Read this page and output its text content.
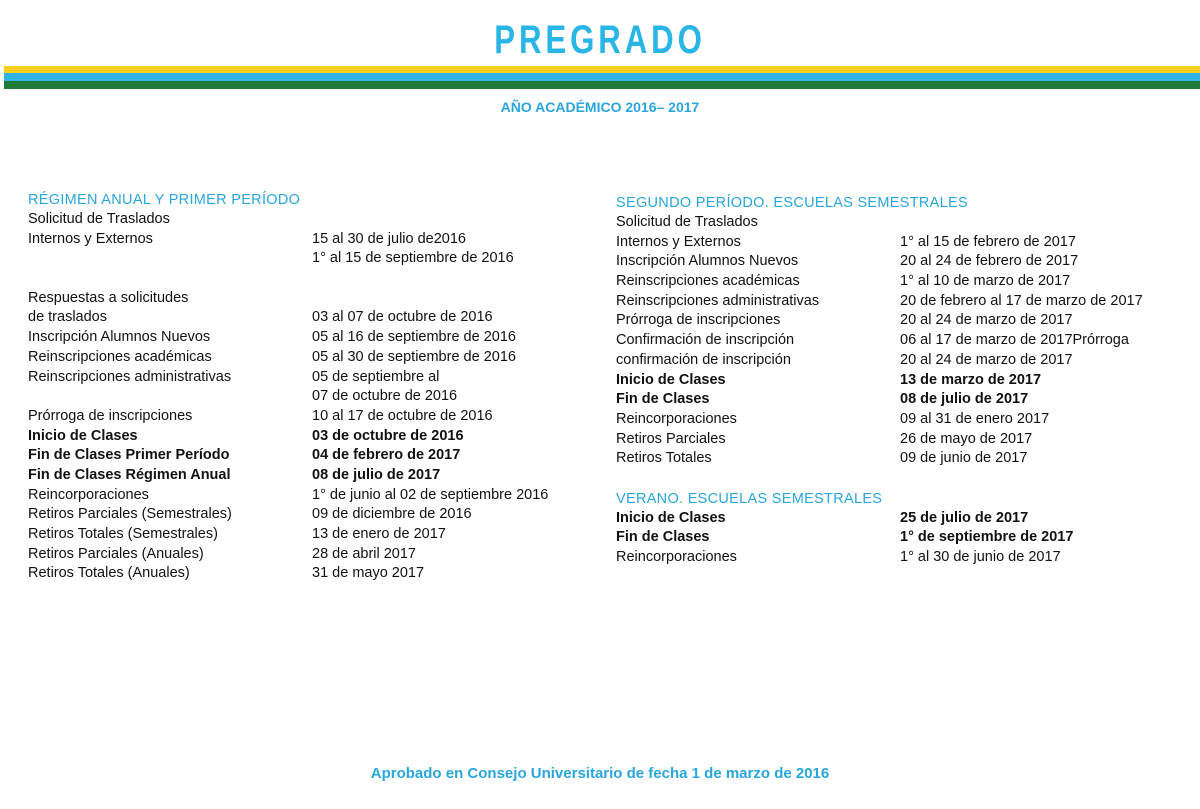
PREGRADO
AÑO ACADÉMICO 2016– 2017
RÉGIMEN ANUAL Y PRIMER PERÍODO
Solicitud de Traslados
Internos y Externos	15 al 30 de julio de2016
1° al 15 de septiembre de 2016
Respuestas a solicitudes
de traslados	03 al 07 de octubre de 2016
Inscripción Alumnos Nuevos	05 al 16 de septiembre de 2016
Reinscripciones académicas	05 al 30 de septiembre de 2016
Reinscripciones administrativas	05 de septiembre al
07 de octubre de 2016
Prórroga de inscripciones	10 al 17 de octubre de 2016
Inicio de Clases	03 de octubre de 2016
Fin de Clases Primer Período	04 de febrero de 2017
Fin de Clases Régimen Anual	08 de julio de 2017
Reincorporaciones	1° de junio al 02 de septiembre 2016
Retiros Parciales (Semestrales)	09 de diciembre de 2016
Retiros Totales (Semestrales)	13 de enero de 2017
Retiros Parciales (Anuales)	28 de abril 2017
Retiros Totales (Anuales)	31 de mayo 2017
SEGUNDO PERÍODO. ESCUELAS SEMESTRALES
Solicitud de Traslados
Internos y Externos	1° al 15 de febrero de 2017
Inscripción Alumnos Nuevos	20 al 24 de febrero de 2017
Reinscripciones académicas	1° al 10 de marzo de 2017
Reinscripciones administrativas	20 de febrero al 17 de marzo de 2017
Prórroga de inscripciones	20 al 24 de marzo de 2017
Confirmación de inscripción	06 al 17 de marzo de 2017Prórroga
confirmación de inscripción	20 al 24 de marzo de 2017
Inicio de Clases	13 de marzo de 2017
Fin de Clases	08 de julio de 2017
Reincorporaciones	09 al 31 de enero 2017
Retiros Parciales	26 de mayo de 2017
Retiros Totales	09 de junio de 2017
VERANO. ESCUELAS SEMESTRALES
Inicio de Clases	25 de julio de 2017
Fin de Clases	1° de septiembre de 2017
Reincorporaciones	1° al 30 de junio de 2017
Aprobado en Consejo Universitario de fecha 1 de marzo de 2016
